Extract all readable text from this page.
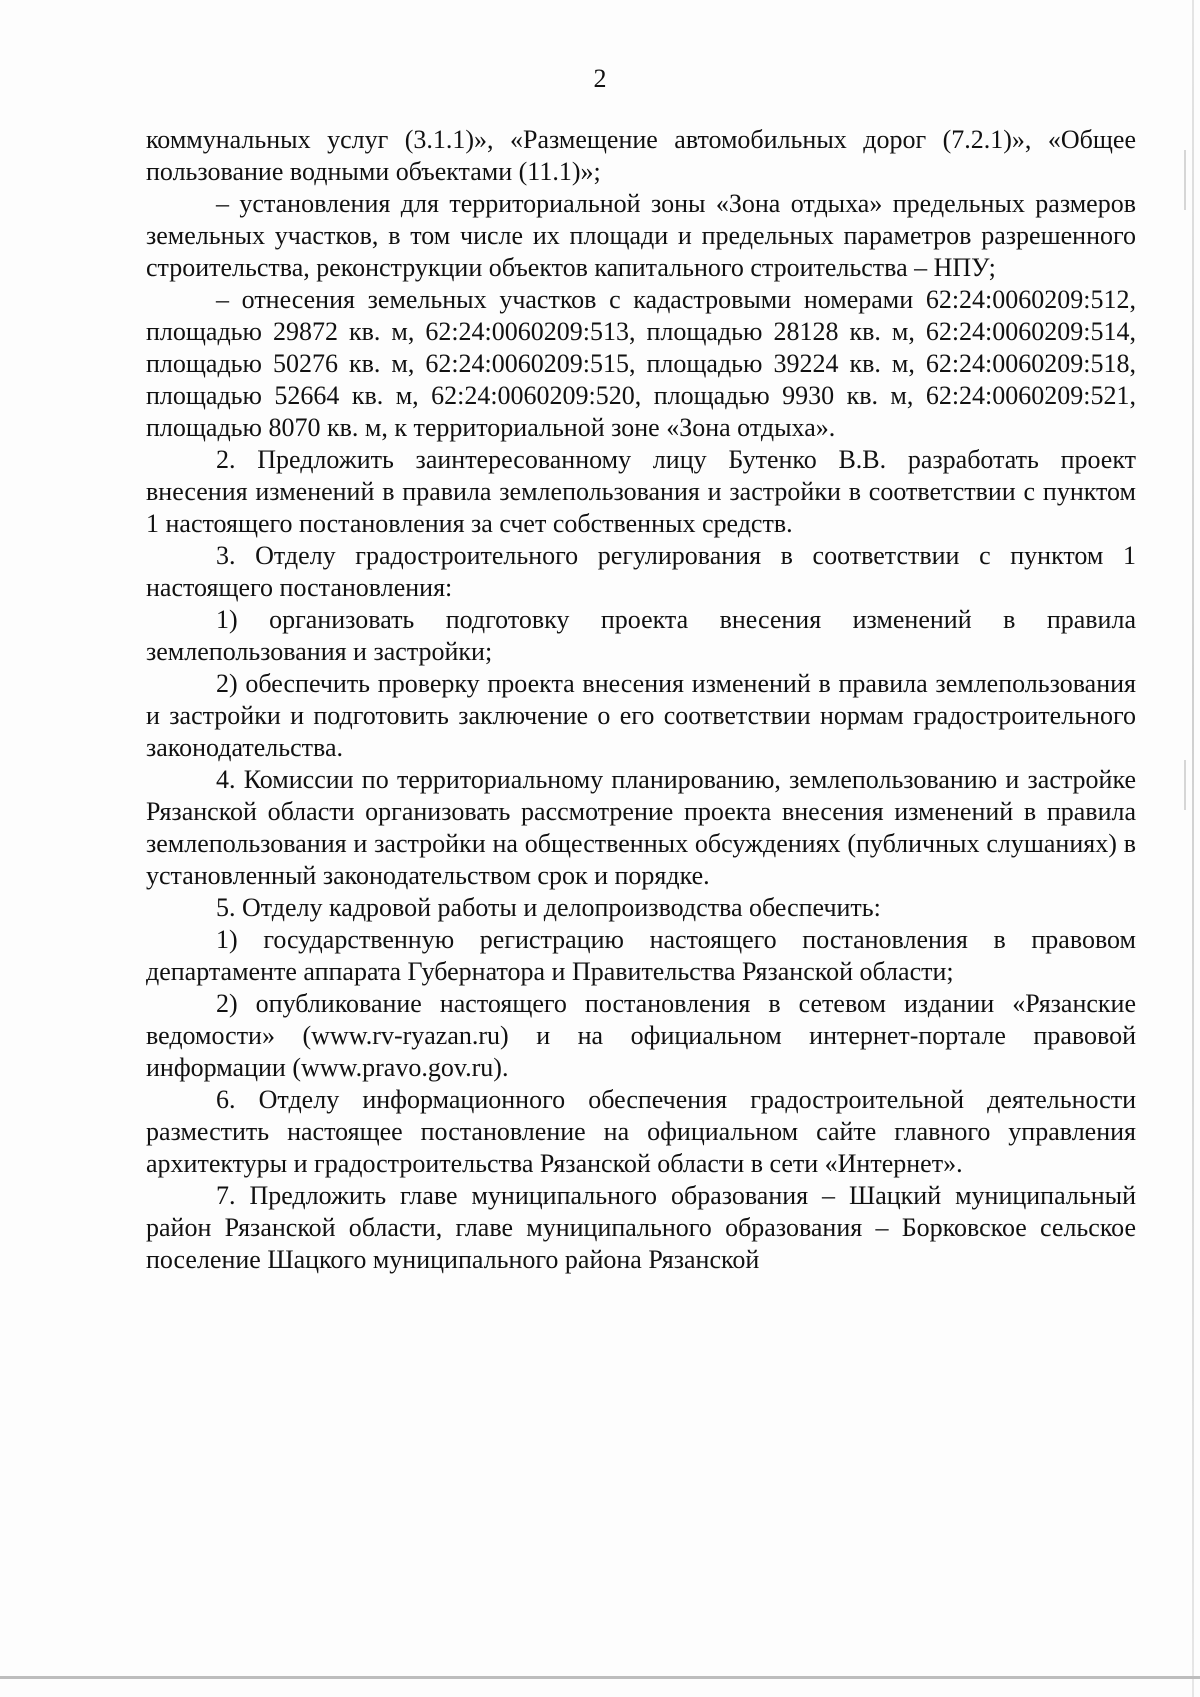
2

коммунальных услуг (3.1.1)», «Размещение автомобильных дорог (7.2.1)», «Общее пользование водными объектами (11.1)»;

– установления для территориальной зоны «Зона отдыха» предельных размеров земельных участков, в том числе их площади и предельных параметров разрешенного строительства, реконструкции объектов капитального строительства – НПУ;

– отнесения земельных участков с кадастровыми номерами 62:24:0060209:512, площадью 29872 кв. м, 62:24:0060209:513, площадью 28128 кв. м, 62:24:0060209:514, площадью 50276 кв. м, 62:24:0060209:515, площадью 39224 кв. м, 62:24:0060209:518, площадью 52664 кв. м, 62:24:0060209:520, площадью 9930 кв. м, 62:24:0060209:521, площадью 8070 кв. м, к территориальной зоне «Зона отдыха».

2. Предложить заинтересованному лицу Бутенко В.В. разработать проект внесения изменений в правила землепользования и застройки в соответствии с пунктом 1 настоящего постановления за счет собственных средств.

3. Отделу градостроительного регулирования в соответствии с пунктом 1 настоящего постановления:

1) организовать подготовку проекта внесения изменений в правила землепользования и застройки;

2) обеспечить проверку проекта внесения изменений в правила землепользования и застройки и подготовить заключение о его соответствии нормам градостроительного законодательства.

4. Комиссии по территориальному планированию, землепользованию и застройке Рязанской области организовать рассмотрение проекта внесения изменений в правила землепользования и застройки на общественных обсуждениях (публичных слушаниях) в установленный законодательством срок и порядке.

5. Отделу кадровой работы и делопроизводства обеспечить:

1) государственную регистрацию настоящего постановления в правовом департаменте аппарата Губернатора и Правительства Рязанской области;

2) опубликование настоящего постановления в сетевом издании «Рязанские ведомости» (www.rv-ryazan.ru) и на официальном интернет-портале правовой информации (www.pravo.gov.ru).

6. Отделу информационного обеспечения градостроительной деятельности разместить настоящее постановление на официальном сайте главного управления архитектуры и градостроительства Рязанской области в сети «Интернет».

7. Предложить главе муниципального образования – Шацкий муниципальный район Рязанской области, главе муниципального образования – Борковское сельское поселение Шацкого муниципального района Рязанской
